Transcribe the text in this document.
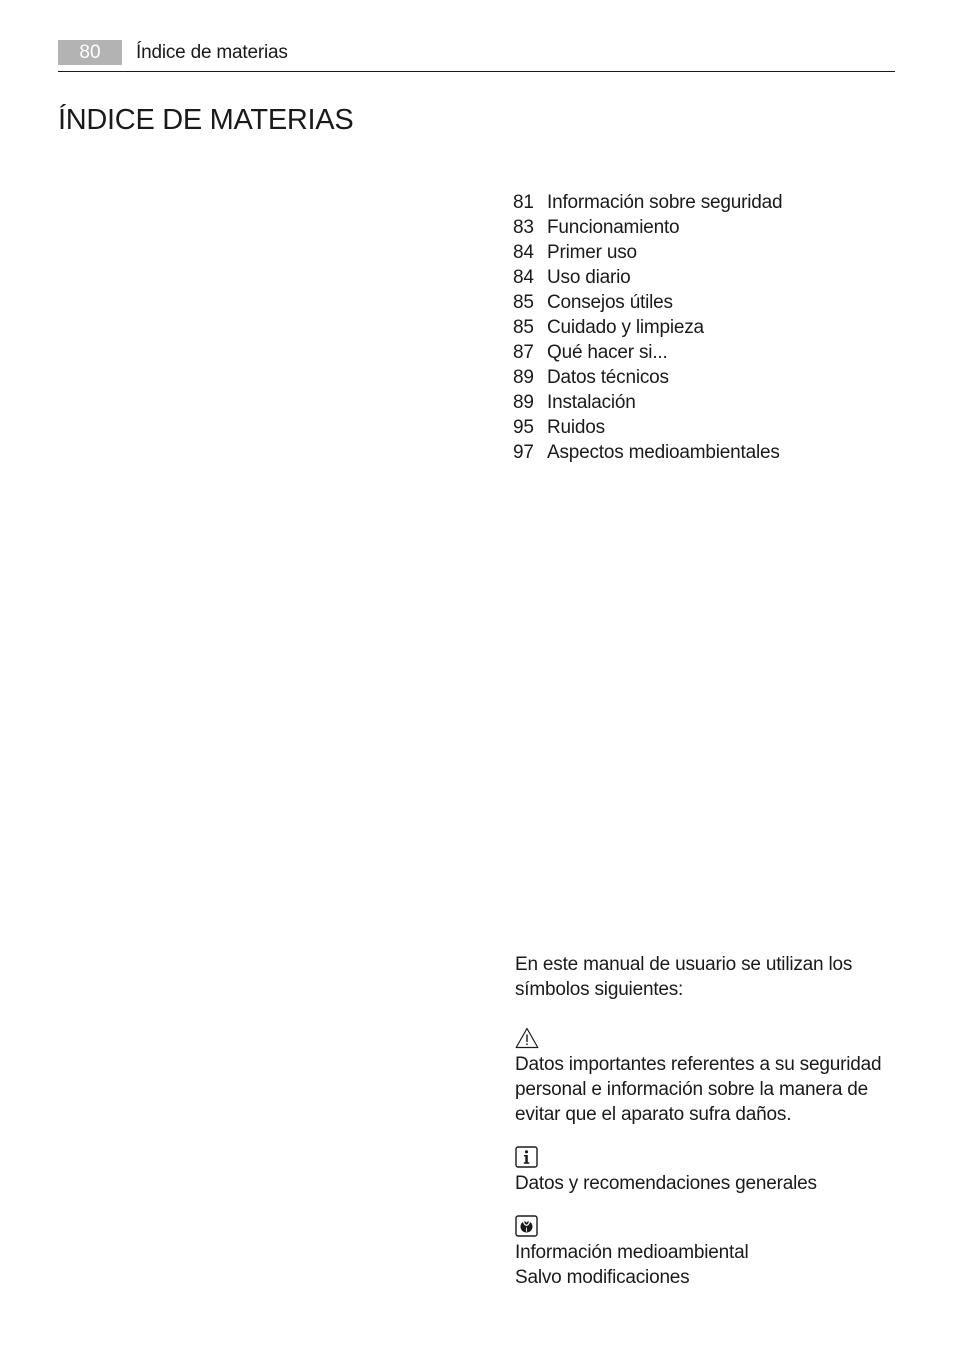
80	Índice de materias
ÍNDICE DE MATERIAS
81 Información sobre seguridad
83 Funcionamiento
84 Primer uso
84 Uso diario
85 Consejos útiles
85 Cuidado y limpieza
87 Qué hacer si...
89 Datos técnicos
89 Instalación
95 Ruidos
97 Aspectos medioambientales

En este manual de usuario se utilizan los símbolos siguientes:

Datos importantes referentes a su seguridad personal e información sobre la manera de evitar que el aparato sufra daños.

Datos y recomendaciones generales

Información medioambiental

Salvo modificaciones
